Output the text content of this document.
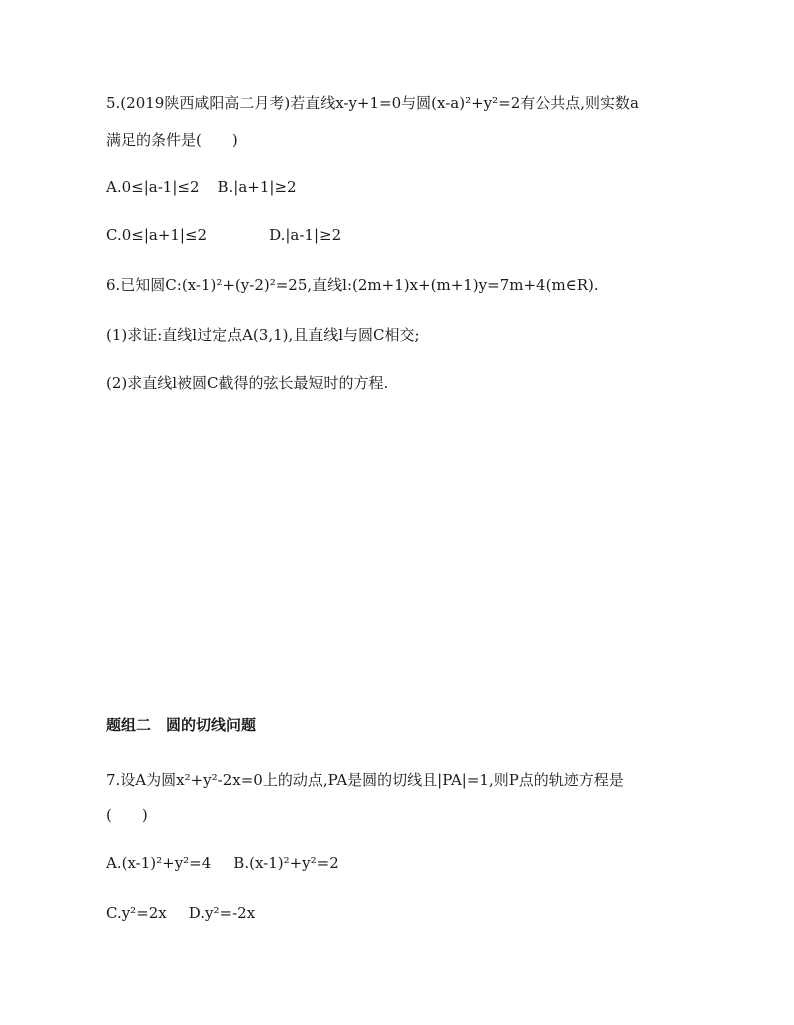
5.(2019陕西咸阳高二月考)若直线x-y+1=0与圆(x-a)²+y²=2有公共点,则实数a
满足的条件是(　　)
A.0≤|a-1|≤2 B.|a+1|≥2
C.0≤|a+1|≤2	D.|a-1|≥2
6.已知圆C:(x-1)²+(y-2)²=25,直线l:(2m+1)x+(m+1)y=7m+4(m∈R).
(1)求证:直线l过定点A(3,1),且直线l与圆C相交;
(2)求直线l被圆C截得的弦长最短时的方程.
题组二　圆的切线问题
7.设A为圆x²+y²-2x=0上的动点,PA是圆的切线且|PA|=1,则P点的轨迹方程是
(　　)
A.(x-1)²+y²=4 B.(x-1)²+y²=2
C.y²=2x D.y²=-2x
